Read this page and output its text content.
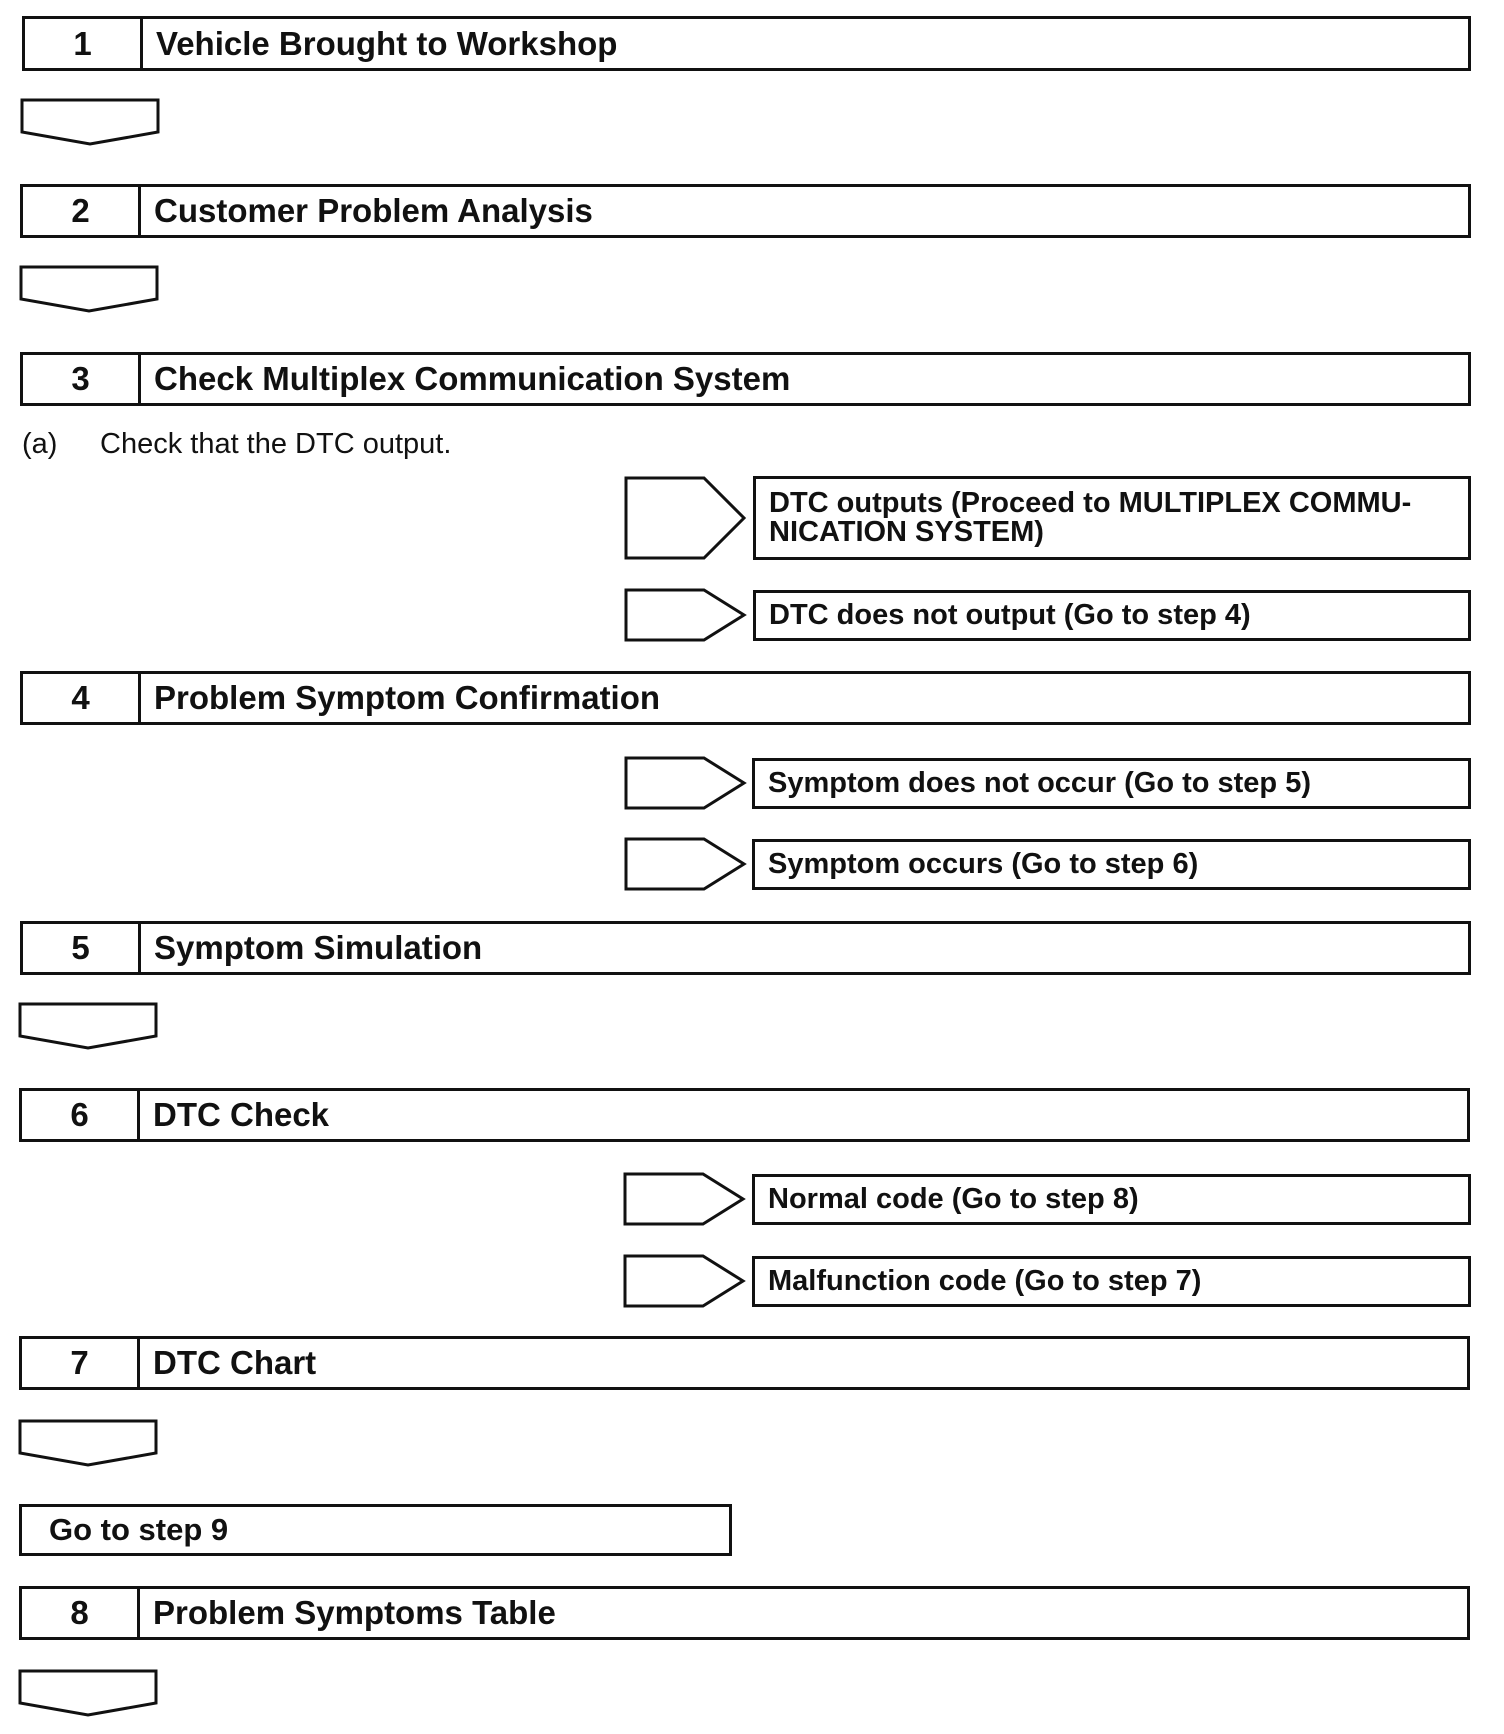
1	Vehicle Brought to Workshop
2	Customer Problem Analysis
3	Check Multiplex Communication System
(a) Check that the DTC output.
DTC outputs (Proceed to MULTIPLEX COMMU-NICATION SYSTEM)
DTC does not output (Go to step 4)
4	Problem Symptom Confirmation
Symptom does not occur (Go to step 5)
Symptom occurs (Go to step 6)
5	Symptom Simulation
6	DTC Check
Normal code (Go to step 8)
Malfunction code (Go to step 7)
7	DTC Chart
Go to step 9
8	Problem Symptoms Table
